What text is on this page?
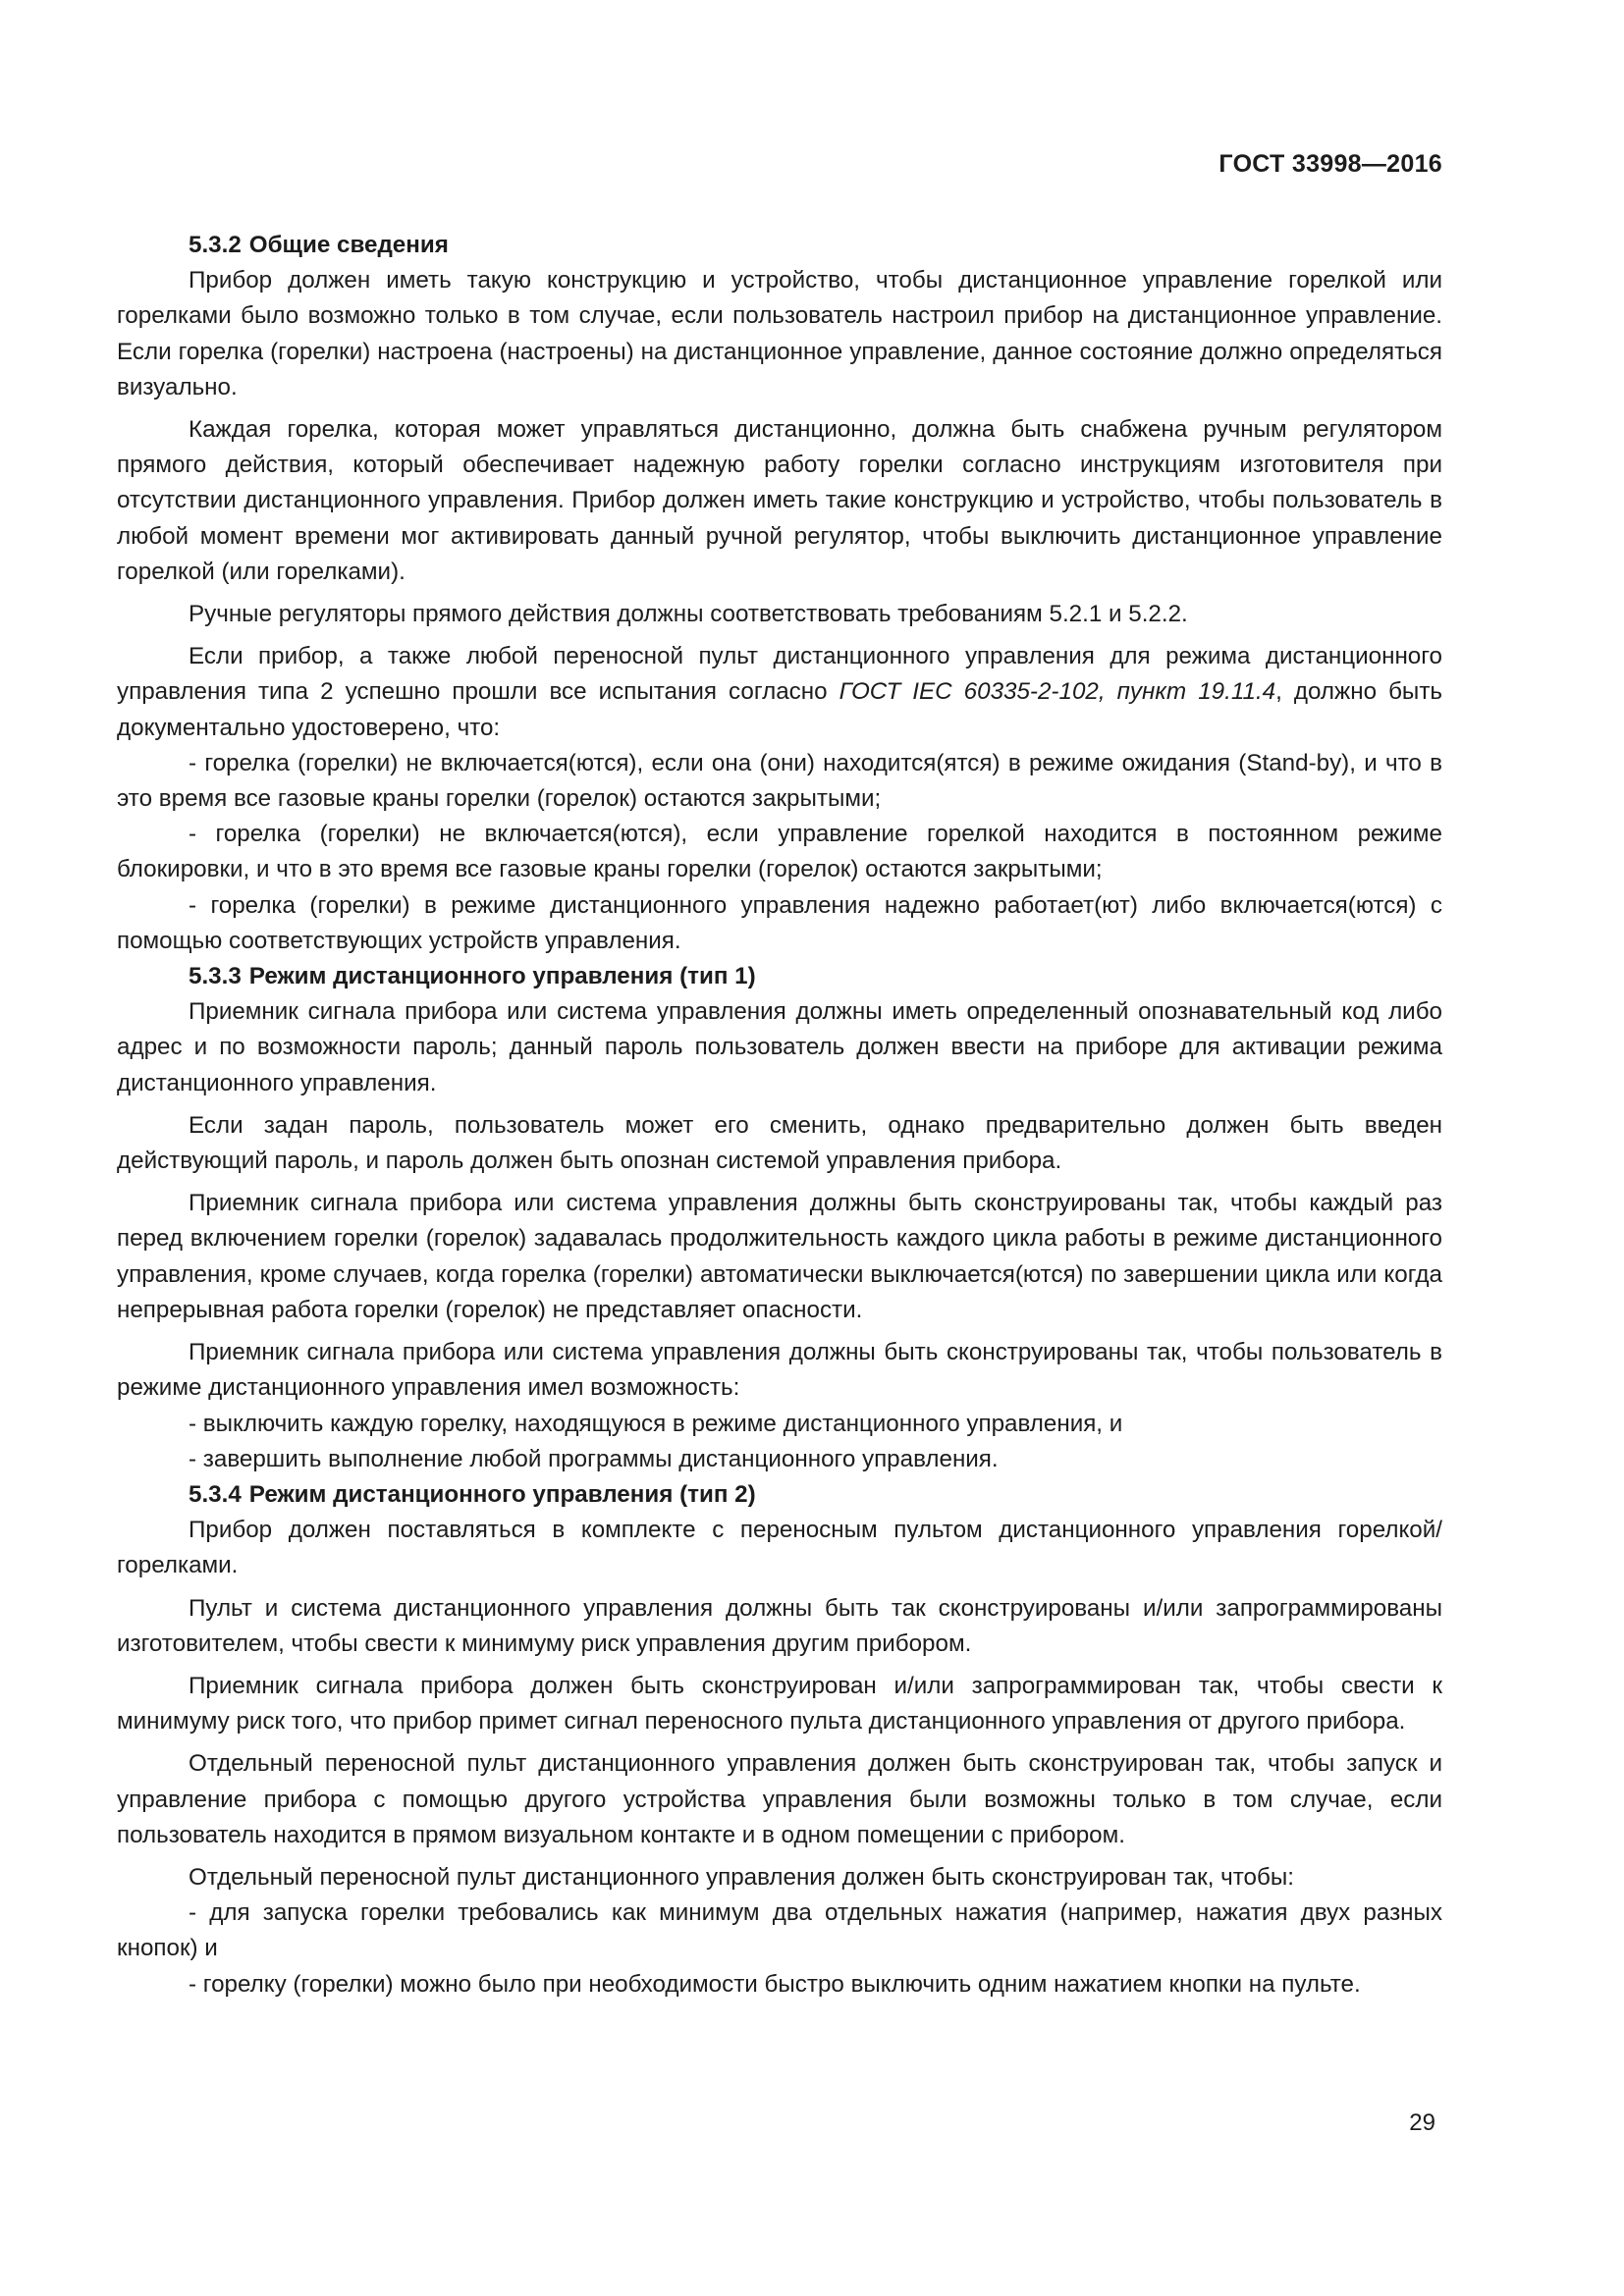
ГОСТ 33998—2016
5.3.2 Общие сведения

Прибор должен иметь такую конструкцию и устройство, чтобы дистанционное управление горелкой или горелками было возможно только в том случае, если пользователь настроил прибор на дистанционное управление. Если горелка (горелки) настроена (настроены) на дистанционное управление, данное состояние должно определяться визуально.

Каждая горелка, которая может управляться дистанционно, должна быть снабжена ручным регулятором прямого действия, который обеспечивает надежную работу горелки согласно инструкциям изготовителя при отсутствии дистанционного управления. Прибор должен иметь такие конструкцию и устройство, чтобы пользователь в любой момент времени мог активировать данный ручной регулятор, чтобы выключить дистанционное управление горелкой (или горелками).

Ручные регуляторы прямого действия должны соответствовать требованиям 5.2.1 и 5.2.2.

Если прибор, а также любой переносной пульт дистанционного управления для режима дистанционного управления типа 2 успешно прошли все испытания согласно ГОСТ IEC 60335-2-102, пункт 19.11.4, должно быть документально удостоверено, что:

- горелка (горелки) не включается(ются), если она (они) находится(ятся) в режиме ожидания (Stand-by), и что в это время все газовые краны горелки (горелок) остаются закрытыми;

- горелка (горелки) не включается(ются), если управление горелкой находится в постоянном режиме блокировки, и что в это время все газовые краны горелки (горелок) остаются закрытыми;

- горелка (горелки) в режиме дистанционного управления надежно работает(ют) либо включается(ются) с помощью соответствующих устройств управления.

5.3.3 Режим дистанционного управления (тип 1)

Приемник сигнала прибора или система управления должны иметь определенный опознавательный код либо адрес и по возможности пароль; данный пароль пользователь должен ввести на приборе для активации режима дистанционного управления.

Если задан пароль, пользователь может его сменить, однако предварительно должен быть введен действующий пароль, и пароль должен быть опознан системой управления прибора.

Приемник сигнала прибора или система управления должны быть сконструированы так, чтобы каждый раз перед включением горелки (горелок) задавалась продолжительность каждого цикла работы в режиме дистанционного управления, кроме случаев, когда горелка (горелки) автоматически выключается(ются) по завершении цикла или когда непрерывная работа горелки (горелок) не представляет опасности.

Приемник сигнала прибора или система управления должны быть сконструированы так, чтобы пользователь в режиме дистанционного управления имел возможность:

- выключить каждую горелку, находящуюся в режиме дистанционного управления, и

- завершить выполнение любой программы дистанционного управления.

5.3.4 Режим дистанционного управления (тип 2)

Прибор должен поставляться в комплекте с переносным пультом дистанционного управления горелкой/горелками.

Пульт и система дистанционного управления должны быть так сконструированы и/или запрограммированы изготовителем, чтобы свести к минимуму риск управления другим прибором.

Приемник сигнала прибора должен быть сконструирован и/или запрограммирован так, чтобы свести к минимуму риск того, что прибор примет сигнал переносного пульта дистанционного управления от другого прибора.

Отдельный переносной пульт дистанционного управления должен быть сконструирован так, чтобы запуск и управление прибора с помощью другого устройства управления были возможны только в том случае, если пользователь находится в прямом визуальном контакте и в одном помещении с прибором.

Отдельный переносной пульт дистанционного управления должен быть сконструирован так, чтобы:

- для запуска горелки требовались как минимум два отдельных нажатия (например, нажатия двух разных кнопок) и

- горелку (горелки) можно было при необходимости быстро выключить одним нажатием кнопки на пульте.

29
